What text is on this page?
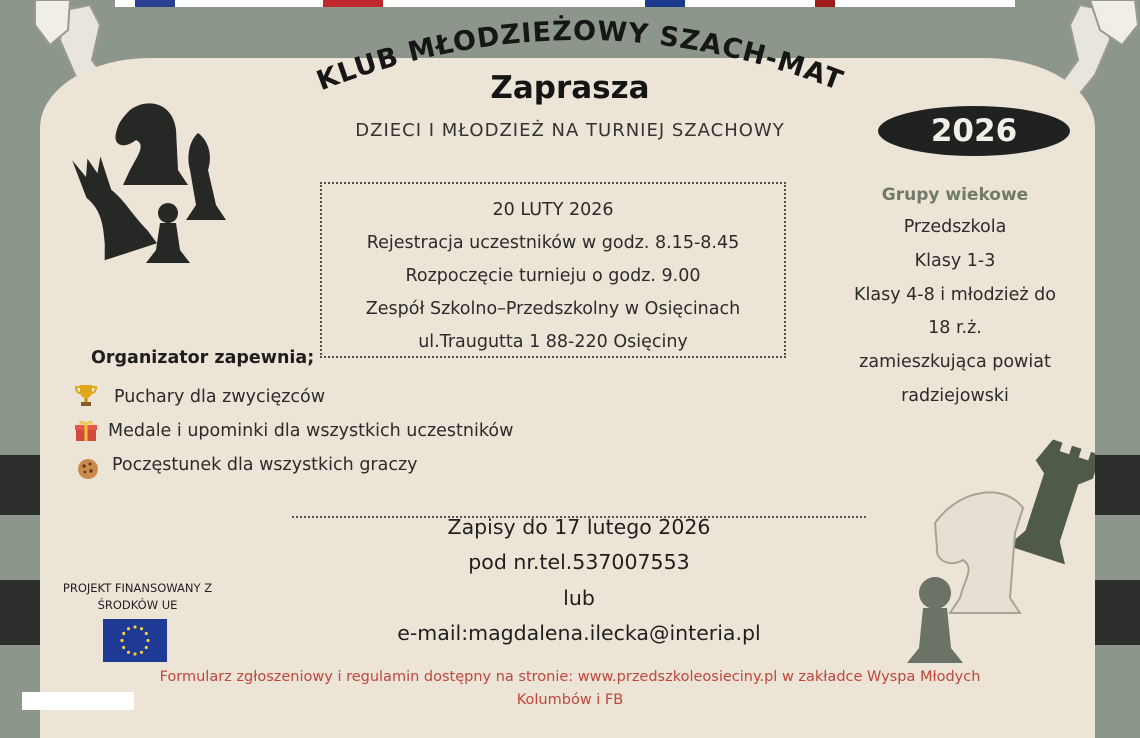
KLUB MŁODZIEŻOWY SZACH-MAT
Zaprasza
DZIECI I MŁODZIEŻ NA TURNIEJ SZACHOWY	2026
20 LUTY 2026
Rejestracja uczestników w godz. 8.15-8.45
Rozpoczęcie turnieju o godz. 9.00
Zespół Szkolno–Przedszkolny w Osięcinach
ul.Traugutta 1 88-220 Osięciny
Grupy wiekowe
Przedszkola
Klasy 1-3
Klasy 4-8 i młodzież do
18 r.ż.
zamieszkująca powiat
radziejowski
Organizator zapewnia;
Puchary dla zwycięzców
Medale i upominki dla wszystkich uczestników
Poczęstunek dla wszystkich graczy
Zapisy do 17 lutego 2026
pod nr.tel.537007553
lub
e-mail:magdalena.ilecka@interia.pl
PROJEKT FINANSOWANY Z
ŚRODKÓW UE
Formularz zgłoszeniowy i regulamin dostępny na stronie: www.przedszkoleosieciny.pl w zakładce Wyspa Młodych
Kolumbów i FB
